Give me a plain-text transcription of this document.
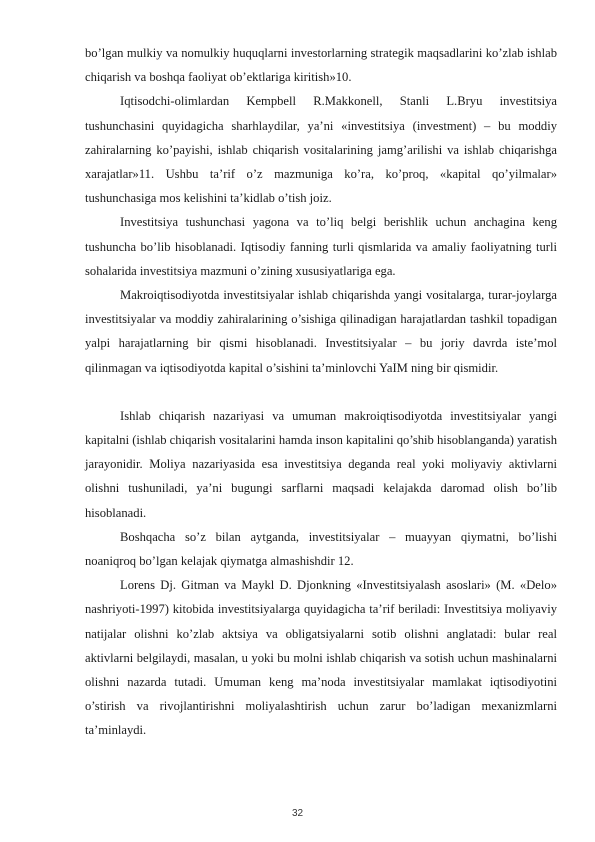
bo’lgan mulkiy va nomulkiy huquqlarni investorlarning strategik maqsadlarini ko’zlab ishlab chiqarish va boshqa faoliyat ob’ektlariga kiritish»10.

Iqtisodchi-olimlardan Kempbell R.Makkonell, Stanli L.Bryu investitsiya tushunchasini quyidagicha sharhlaydilar, ya’ni «investitsiya (investment) – bu moddiy zahiralarning ko’payishi, ishlab chiqarish vositalarining jamg’arilishi va ishlab chiqarishga xarajatlar»11. Ushbu ta’rif o’z mazmuniga ko’ra, ko’proq, «kapital qo’yilmalar» tushunchasiga mos kelishini ta’kidlab o’tish joiz.

Investitsiya tushunchasi yagona va to’liq belgi berishlik uchun anchagina keng tushuncha bo’lib hisoblanadi. Iqtisodiy fanning turli qismlarida va amaliy faoliyatning turli sohalarida investitsiya mazmuni o’zining xususiyatlariga ega.

Makroiqtisodiyotda investitsiyalar ishlab chiqarishda yangi vositalarga, turar-joylarga investitsiyalar va moddiy zahiralarining o’sishiga qilinadigan harajatlardan tashkil topadigan yalpi harajatlarning bir qismi hisoblanadi. Investitsiyalar – bu joriy davrda iste’mol qilinmagan va iqtisodiyotda kapital o’sishini ta’minlovchi YaIM ning bir qismidir.

Ishlab chiqarish nazariyasi va umuman makroiqtisodiyotda investitsiyalar yangi kapitalni (ishlab chiqarish vositalarini hamda inson kapitalini qo’shib hisoblanganda) yaratish jarayonidir. Moliya nazariyasida esa investitsiya deganda real yoki moliyaviy aktivlarni olishni tushuniladi, ya’ni bugungi sarflarni maqsadi kelajakda daromad olish bo’lib hisoblanadi.

Boshqacha so’z bilan aytganda, investitsiyalar – muayyan qiymatni, bo’lishi noaniqroq bo’lgan kelajak qiymatga almashishdir 12.

Lorens Dj. Gitman va Maykl D. Djonkning «Investitsiyalash asoslari» (M. «Delo» nashriyoti-1997) kitobida investitsiyalarga quyidagicha ta’rif beriladi: Investitsiya moliyaviy natijalar olishni ko’zlab aktsiya va obligatsiyalarni sotib olishni anglatadi: bular real aktivlarni belgilaydi, masalan, u yoki bu molni ishlab chiqarish va sotish uchun mashinalarni olishni nazarda tutadi. Umuman keng ma’noda investitsiyalar mamlakat iqtisodiyotini o’stirish va rivojlantirishni moliyalashtirish uchun zarur bo’ladigan mexanizmlarni ta’minlaydi.

32
